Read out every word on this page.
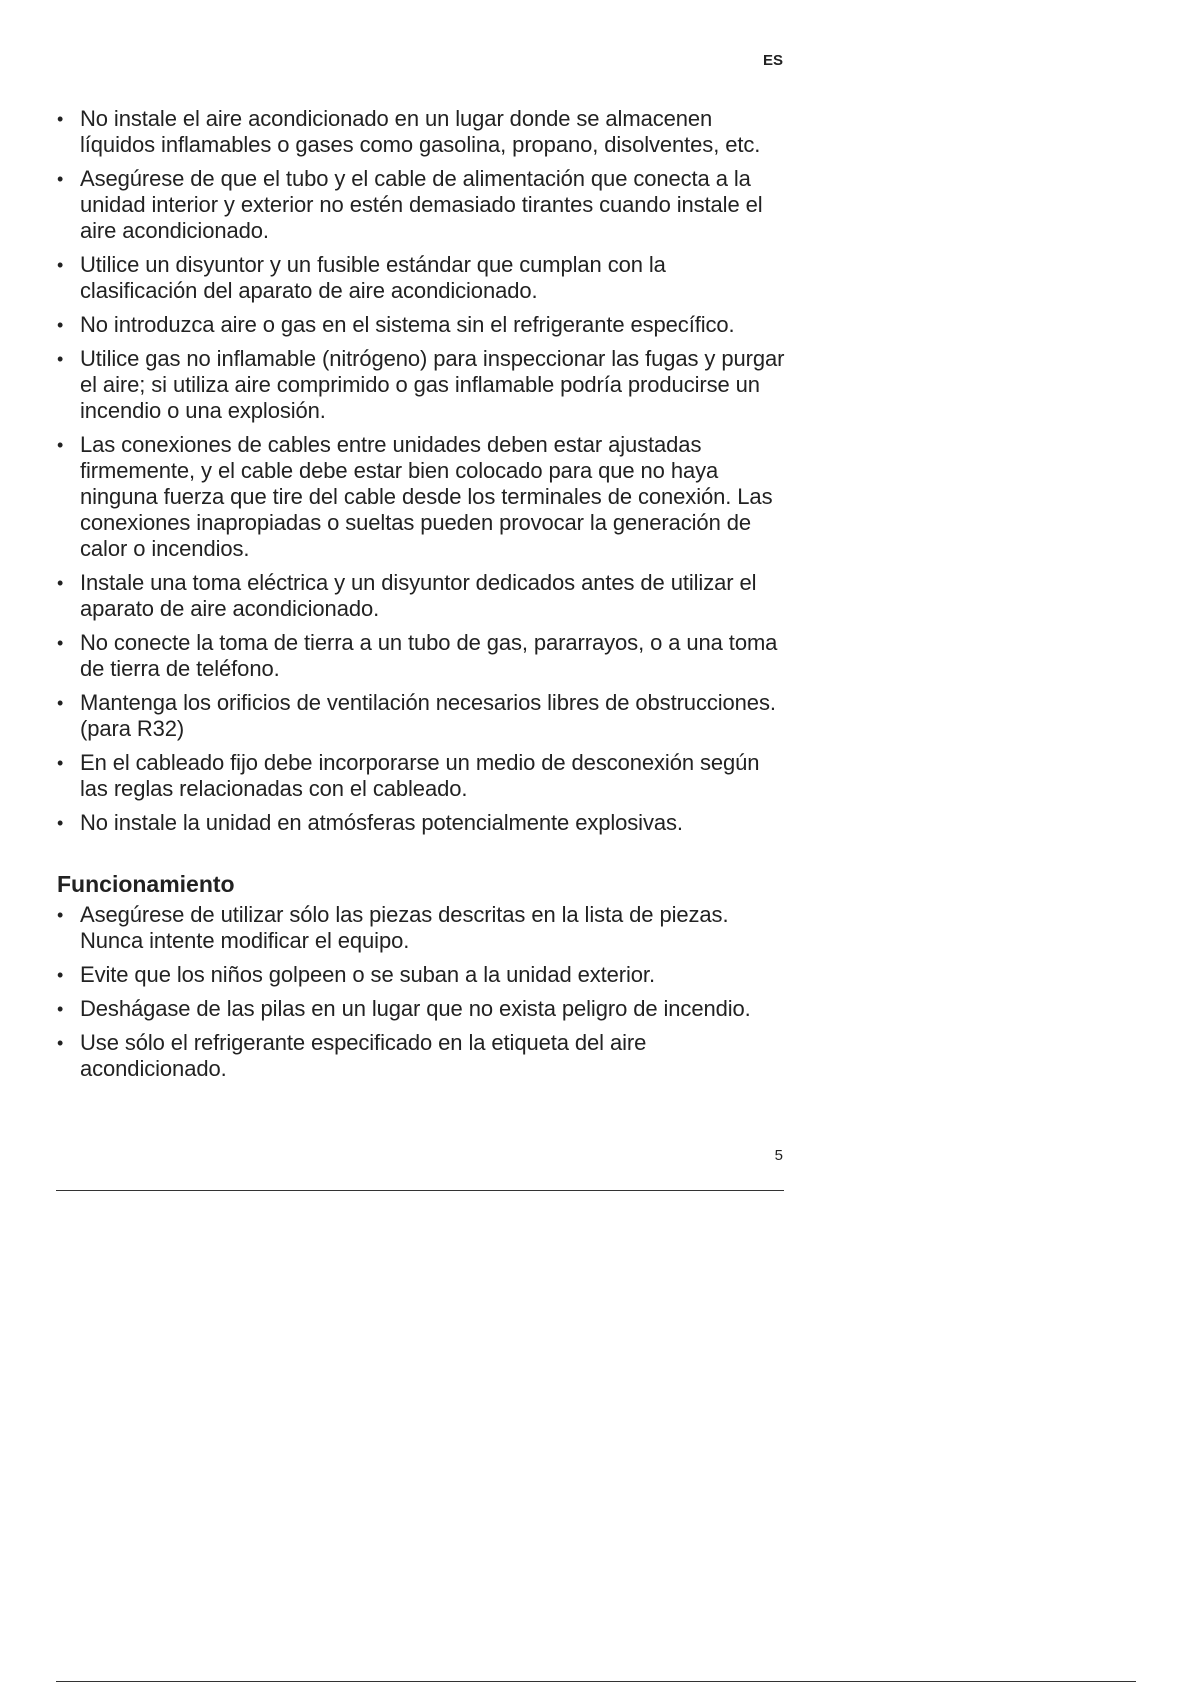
ES
• No instale el aire acondicionado en un lugar donde se almacenen líquidos inflamables o gases como gasolina, propano, disolventes, etc.
• Asegúrese de que el tubo y el cable de alimentación que conecta a la unidad interior y exterior no estén demasiado tirantes cuando instale el aire acondicionado.
• Utilice un disyuntor y un fusible estándar que cumplan con la clasificación del aparato de aire acondicionado.
• No introduzca aire o gas en el sistema sin el refrigerante específico.
• Utilice gas no inflamable (nitrógeno) para inspeccionar las fugas y purgar el aire; si utiliza aire comprimido o gas inflamable podría producirse un incendio o una explosión.
• Las conexiones de cables entre unidades deben estar ajustadas firmemente, y el cable debe estar bien colocado para que no haya ninguna fuerza que tire del cable desde los terminales de conexión. Las conexiones inapropiadas o sueltas pueden provocar la generación de calor o incendios.
• Instale una toma eléctrica y un disyuntor dedicados antes de utilizar el aparato de aire acondicionado.
• No conecte la toma de tierra a un tubo de gas, pararrayos, o a una toma de tierra de teléfono.
• Mantenga los orificios de ventilación necesarios libres de obstrucciones. (para R32)
• En el cableado fijo debe incorporarse un medio de desconexión según las reglas relacionadas con el cableado.
• No instale la unidad en atmósferas potencialmente explosivas.
Funcionamiento
• Asegúrese de utilizar sólo las piezas descritas en la lista de piezas. Nunca intente modificar el equipo.
• Evite que los niños golpeen o se suban a la unidad exterior.
• Deshágase de las pilas en un lugar que no exista peligro de incendio.
• Use sólo el refrigerante especificado en la etiqueta del aire acondicionado.
5
